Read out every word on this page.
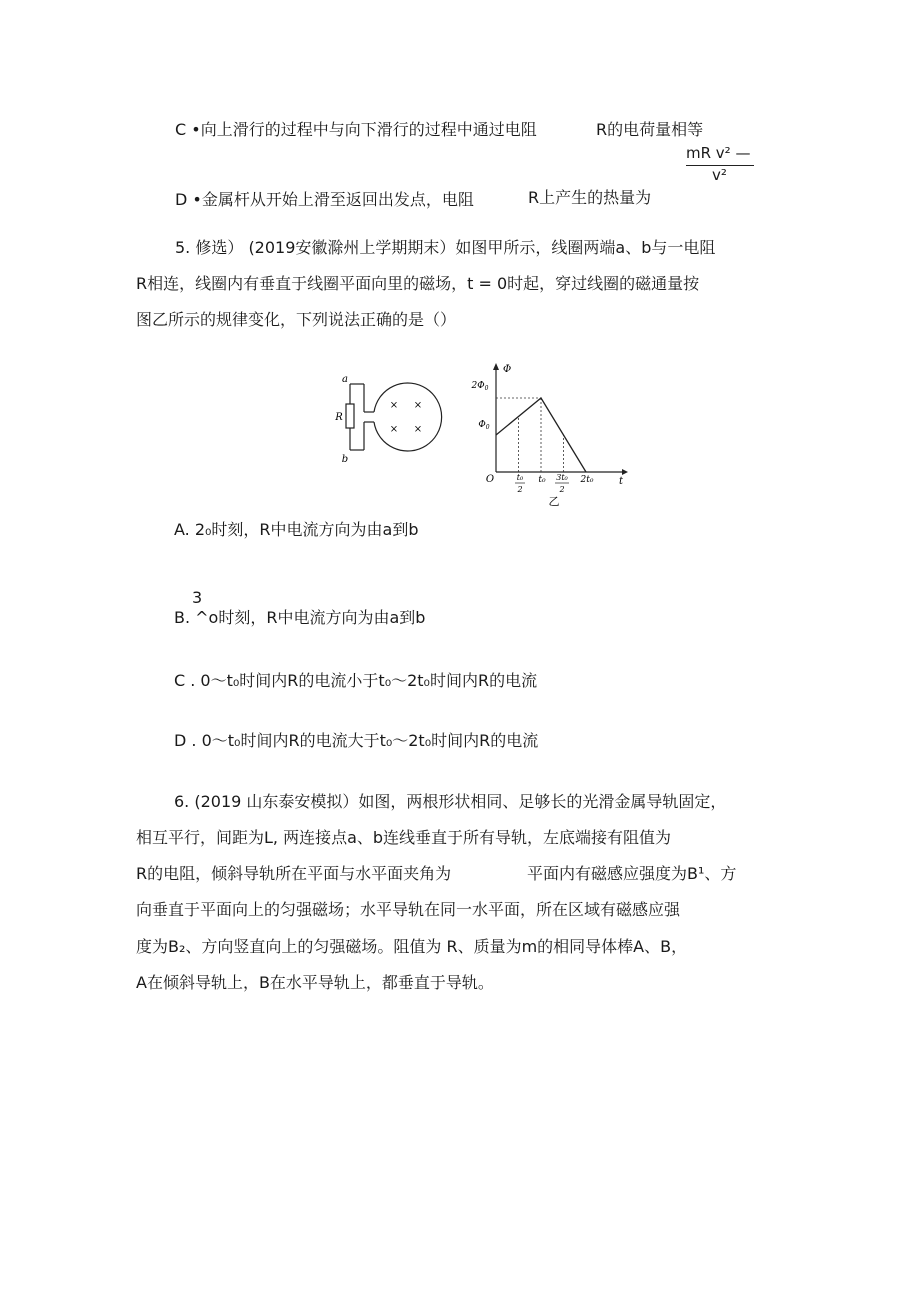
C •向上滑行的过程中与向下滑行的过程中通过电阻	R的电荷量相等
mR v² —
v²
D •金属杆从开始上滑至返回出发点，电阻	R上产生的热量为
5. 修选） (2019安徽滁州上学期期末）如图甲所示，线圈两端a、b与一电阻
R相连，线圈内有垂直于线圈平面向里的磁场，t = 0时起，穿过线圈的磁通量按
图乙所示的规律变化，下列说法正确的是（）
a
R
b
× ×
× ×
Φ
$2\Phi_0$
$\Phi_0$
O	t
t₀
2
t₀ 3t₀
2
2t₀
乙
A. 2₀时刻，R中电流方向为由a到b
3
B. ^o时刻，R中电流方向为由a到b
C . 0～t₀时间内R的电流小于t₀～2t₀时间内R的电流
D . 0～t₀时间内R的电流大于t₀～2t₀时间内R的电流
6. (2019 山东泰安模拟）如图，两根形状相同、足够长的光滑金属导轨固定，
相互平行，间距为L, 两连接点a、b连线垂直于所有导轨，左底端接有阻值为
R的电阻，倾斜导轨所在平面与水平面夹角为	平面内有磁感应强度为B¹、方
向垂直于平面向上的匀强磁场；水平导轨在同一水平面，所在区域有磁感应强
度为B₂、方向竖直向上的匀强磁场。阻值为 R、质量为m的相同导体棒A、B，
A在倾斜导轨上，B在水平导轨上，都垂直于导轨。
